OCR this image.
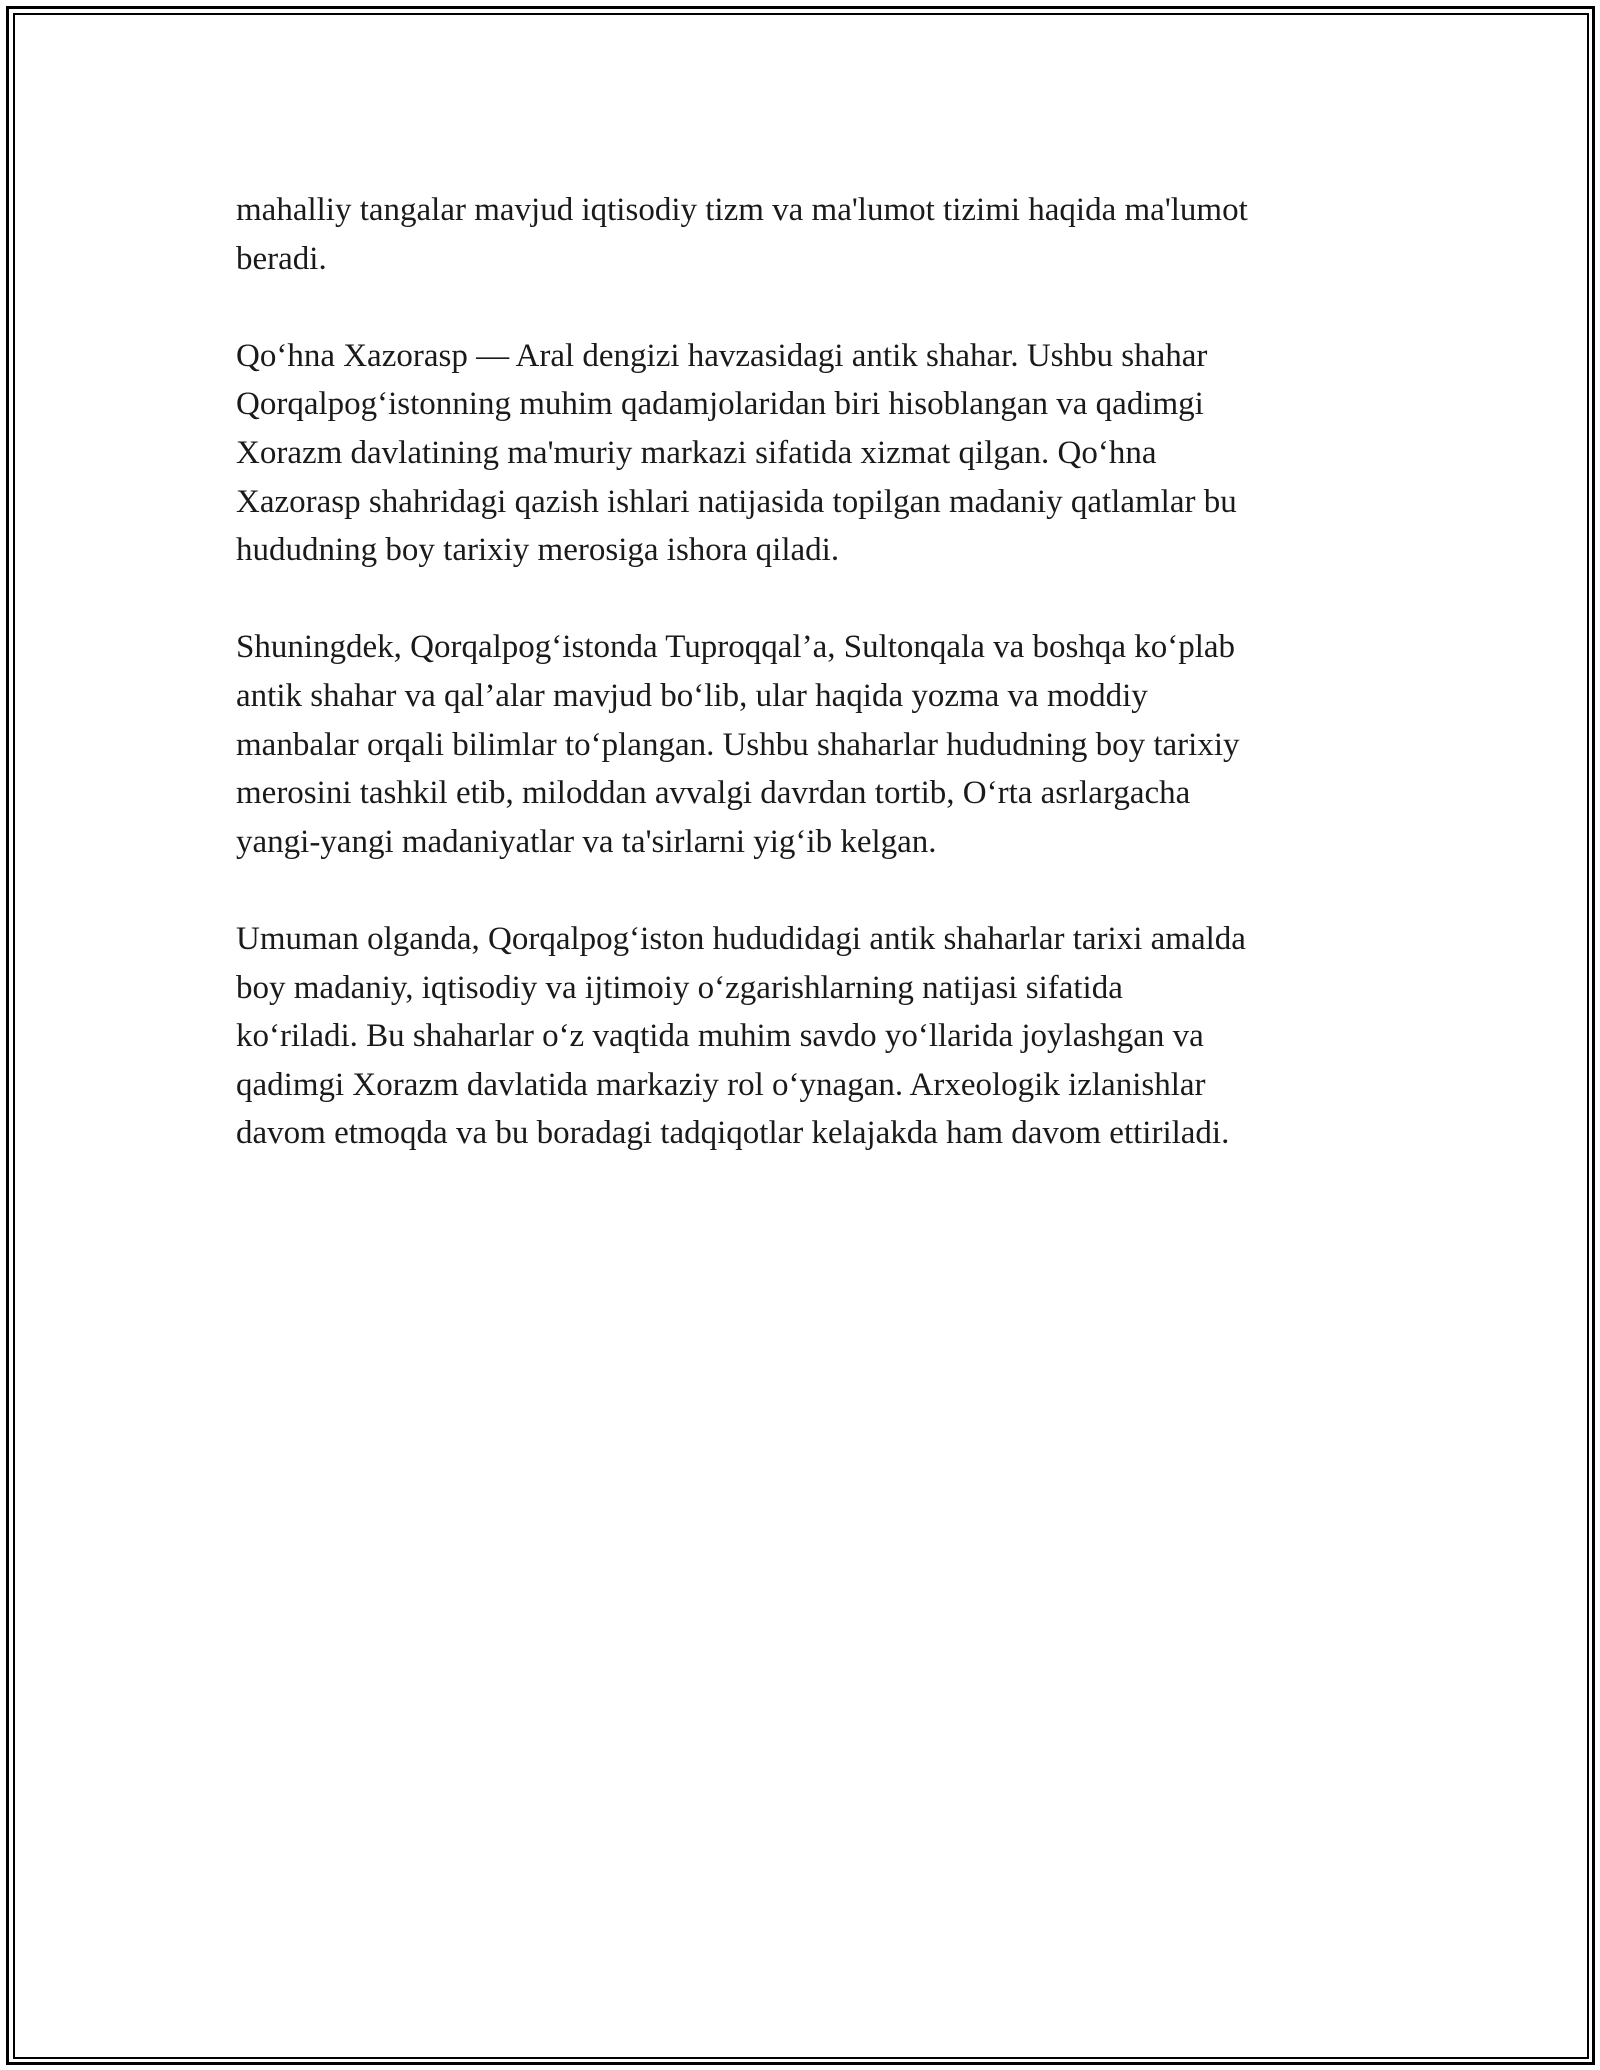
mahalliy tangalar mavjud iqtisodiy tizm va ma'lumot tizimi haqida ma'lumot
beradi.

Qo‘hna Xazorasp — Aral dengizi havzasidagi antik shahar. Ushbu shahar
Qorqalpog‘istonning muhim qadamjolaridan biri hisoblangan va qadimgi
Xorazm davlatining ma'muriy markazi sifatida xizmat qilgan. Qo‘hna
Xazorasp shahridagi qazish ishlari natijasida topilgan madaniy qatlamlar bu
hududning boy tarixiy merosiga ishora qiladi.

Shuningdek, Qorqalpog‘istonda Tuproqqal’a, Sultonqala va boshqa ko‘plab
antik shahar va qal’alar mavjud bo‘lib, ular haqida yozma va moddiy
manbalar orqali bilimlar to‘plangan. Ushbu shaharlar hududning boy tarixiy
merosini tashkil etib, miloddan avvalgi davrdan tortib, O‘rta asrlargacha
yangi-yangi madaniyatlar va ta'sirlarni yig‘ib kelgan.

Umuman olganda, Qorqalpog‘iston hududidagi antik shaharlar tarixi amalda
boy madaniy, iqtisodiy va ijtimoiy o‘zgarishlarning natijasi sifatida
ko‘riladi. Bu shaharlar o‘z vaqtida muhim savdo yo‘llarida joylashgan va
qadimgi Xorazm davlatida markaziy rol o‘ynagan. Arxeologik izlanishlar
davom etmoqda va bu boradagi tadqiqotlar kelajakda ham davom ettiriladi.
